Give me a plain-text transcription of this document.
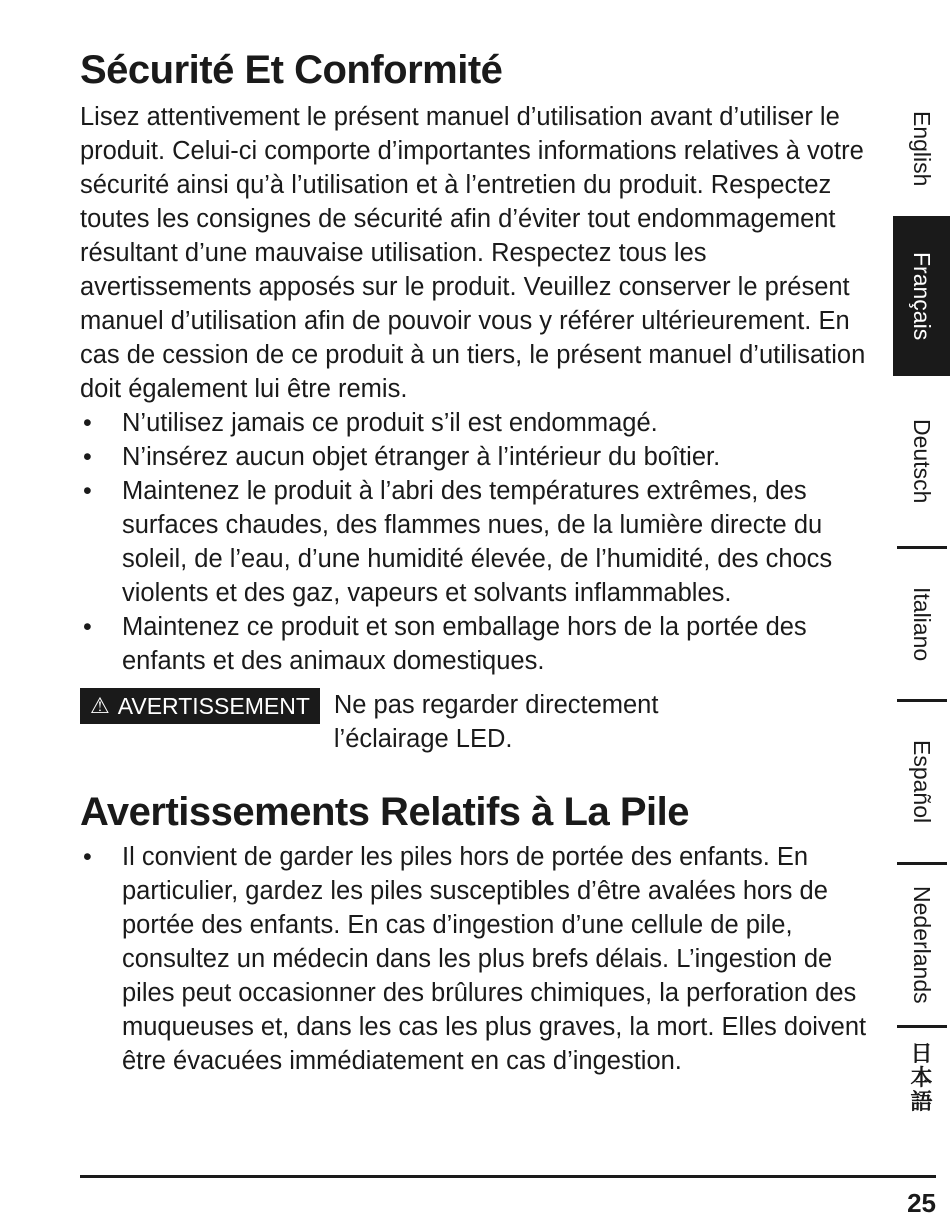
Sécurité Et Conformité

Lisez attentivement le présent manuel d’utilisation avant d’utiliser le produit. Celui-ci comporte d’importantes informations relatives à votre sécurité ainsi qu’à l’utilisation et à l’entretien du produit. Respectez toutes les consignes de sécurité afin d’éviter tout endommagement résultant d’une mauvaise utilisation. Respectez tous les avertissements apposés sur le produit. Veuillez conserver le présent manuel d’utilisation afin de pouvoir vous y référer ultérieurement. En cas de cession de ce produit à un tiers, le présent manuel d’utilisation doit également lui être remis.

• N’utilisez jamais ce produit s’il est endommagé.
• N’insérez aucun objet étranger à l’intérieur du boîtier.
• Maintenez le produit à l’abri des températures extrêmes, des surfaces chaudes, des flammes nues, de la lumière directe du soleil, de l’eau, d’une humidité élevée, de l’humidité, des chocs violents et des gaz, vapeurs et solvants inflammables.
• Maintenez ce produit et son emballage hors de la portée des enfants et des animaux domestiques.
⚠ AVERTISSEMENT Ne pas regarder directement l’éclairage LED.
Avertissements Relatifs à La Pile
• Il convient de garder les piles hors de portée des enfants. En particulier, gardez les piles susceptibles d’être avalées hors de portée des enfants. En cas d’ingestion d’une cellule de pile, consultez un médecin dans les plus brefs délais. L’ingestion de piles peut occasionner des brûlures chimiques, la perforation des muqueuses et, dans les cas les plus graves, la mort. Elles doivent être évacuées immédiatement en cas d’ingestion.
English
Français
Deutsch
Italiano
Español
Nederlands
日
本
語
25
